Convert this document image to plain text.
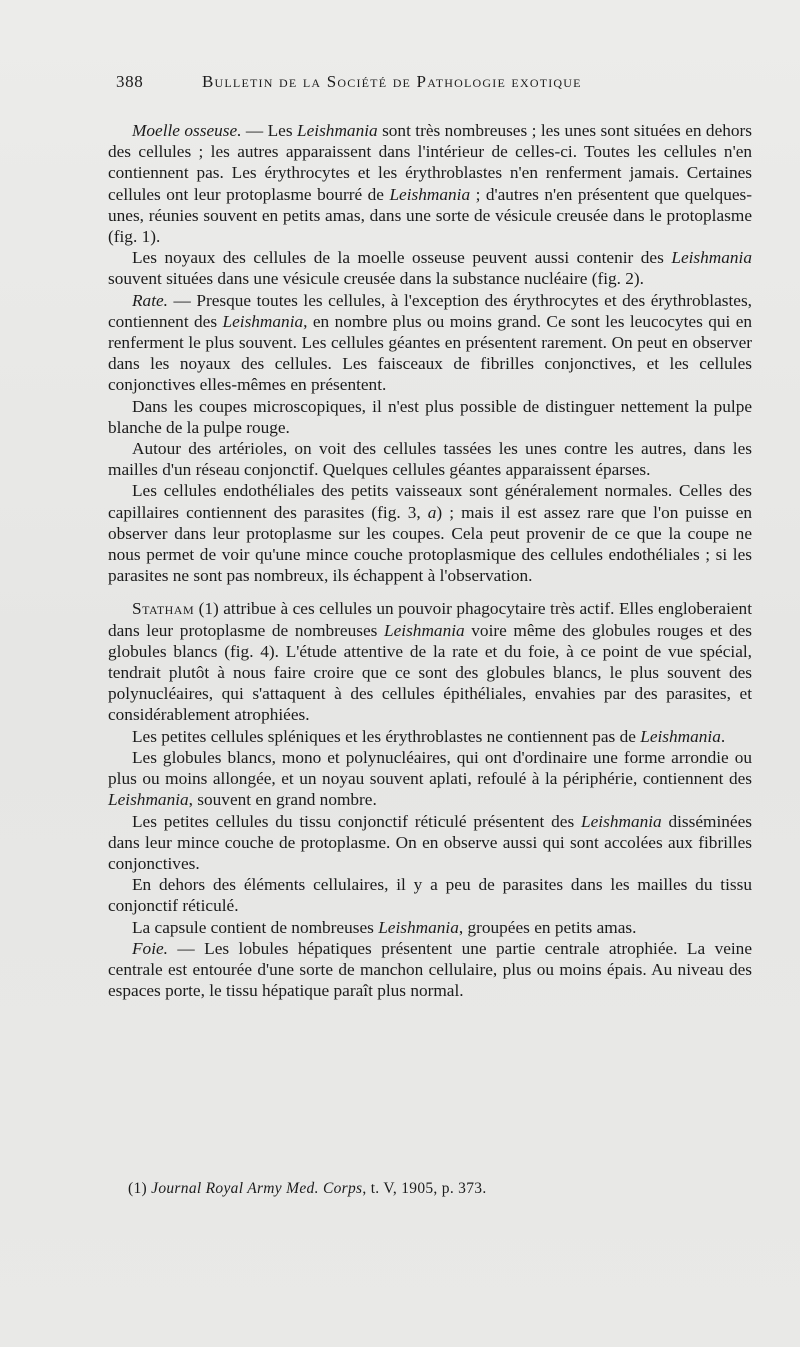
388	Bulletin de la Société de Pathologie exotique

Moelle osseuse. — Les Leishmania sont très nombreuses ; les unes sont situées en dehors des cellules ; les autres apparaissent dans l'intérieur de celles-ci. Toutes les cellules n'en contiennent pas. Les érythrocytes et les érythroblastes n'en renferment jamais. Certaines cellules ont leur protoplasme bourré de Leishmania ; d'autres n'en présentent que quelques-unes, réunies souvent en petits amas, dans une sorte de vésicule creusée dans le protoplasme (fig. 1).

Les noyaux des cellules de la moelle osseuse peuvent aussi contenir des Leishmania souvent situées dans une vésicule creusée dans la substance nucléaire (fig. 2).

Rate. — Presque toutes les cellules, à l'exception des érythrocytes et des érythroblastes, contiennent des Leishmania, en nombre plus ou moins grand. Ce sont les leucocytes qui en renferment le plus souvent. Les cellules géantes en présentent rarement. On peut en observer dans les noyaux des cellules. Les faisceaux de fibrilles conjonctives, et les cellules conjonctives elles-mêmes en présentent.

Dans les coupes microscopiques, il n'est plus possible de distinguer nettement la pulpe blanche de la pulpe rouge.

Autour des artérioles, on voit des cellules tassées les unes contre les autres, dans les mailles d'un réseau conjonctif. Quelques cellules géantes apparaissent éparses.

Les cellules endothéliales des petits vaisseaux sont généralement normales. Celles des capillaires contiennent des parasites (fig. 3, a) ; mais il est assez rare que l'on puisse en observer dans leur protoplasme sur les coupes. Cela peut provenir de ce que la coupe ne nous permet de voir qu'une mince couche protoplasmique des cellules endothéliales ; si les parasites ne sont pas nombreux, ils échappent à l'observation.

Statham (1) attribue à ces cellules un pouvoir phagocytaire très actif. Elles engloberaient dans leur protoplasme de nombreuses Leishmania voire même des globules rouges et des globules blancs (fig. 4). L'étude attentive de la rate et du foie, à ce point de vue spécial, tendrait plutôt à nous faire croire que ce sont des globules blancs, le plus souvent des polynucléaires, qui s'attaquent à des cellules épithéliales, envahies par des parasites, et considérablement atrophiées.

Les petites cellules spléniques et les érythroblastes ne contiennent pas de Leishmania.

Les globules blancs, mono et polynucléaires, qui ont d'ordinaire une forme arrondie ou plus ou moins allongée, et un noyau souvent aplati, refoulé à la périphérie, contiennent des Leishmania, souvent en grand nombre.

Les petites cellules du tissu conjonctif réticulé présentent des Leishmania disséminées dans leur mince couche de protoplasme. On en observe aussi qui sont accolées aux fibrilles conjonctives.

En dehors des éléments cellulaires, il y a peu de parasites dans les mailles du tissu conjonctif réticulé.

La capsule contient de nombreuses Leishmania, groupées en petits amas.

Foie. — Les lobules hépatiques présentent une partie centrale atrophiée. La veine centrale est entourée d'une sorte de manchon cellulaire, plus ou moins épais. Au niveau des espaces porte, le tissu hépatique paraît plus normal.

(1) Journal Royal Army Med. Corps, t. V, 1905, p. 373.
